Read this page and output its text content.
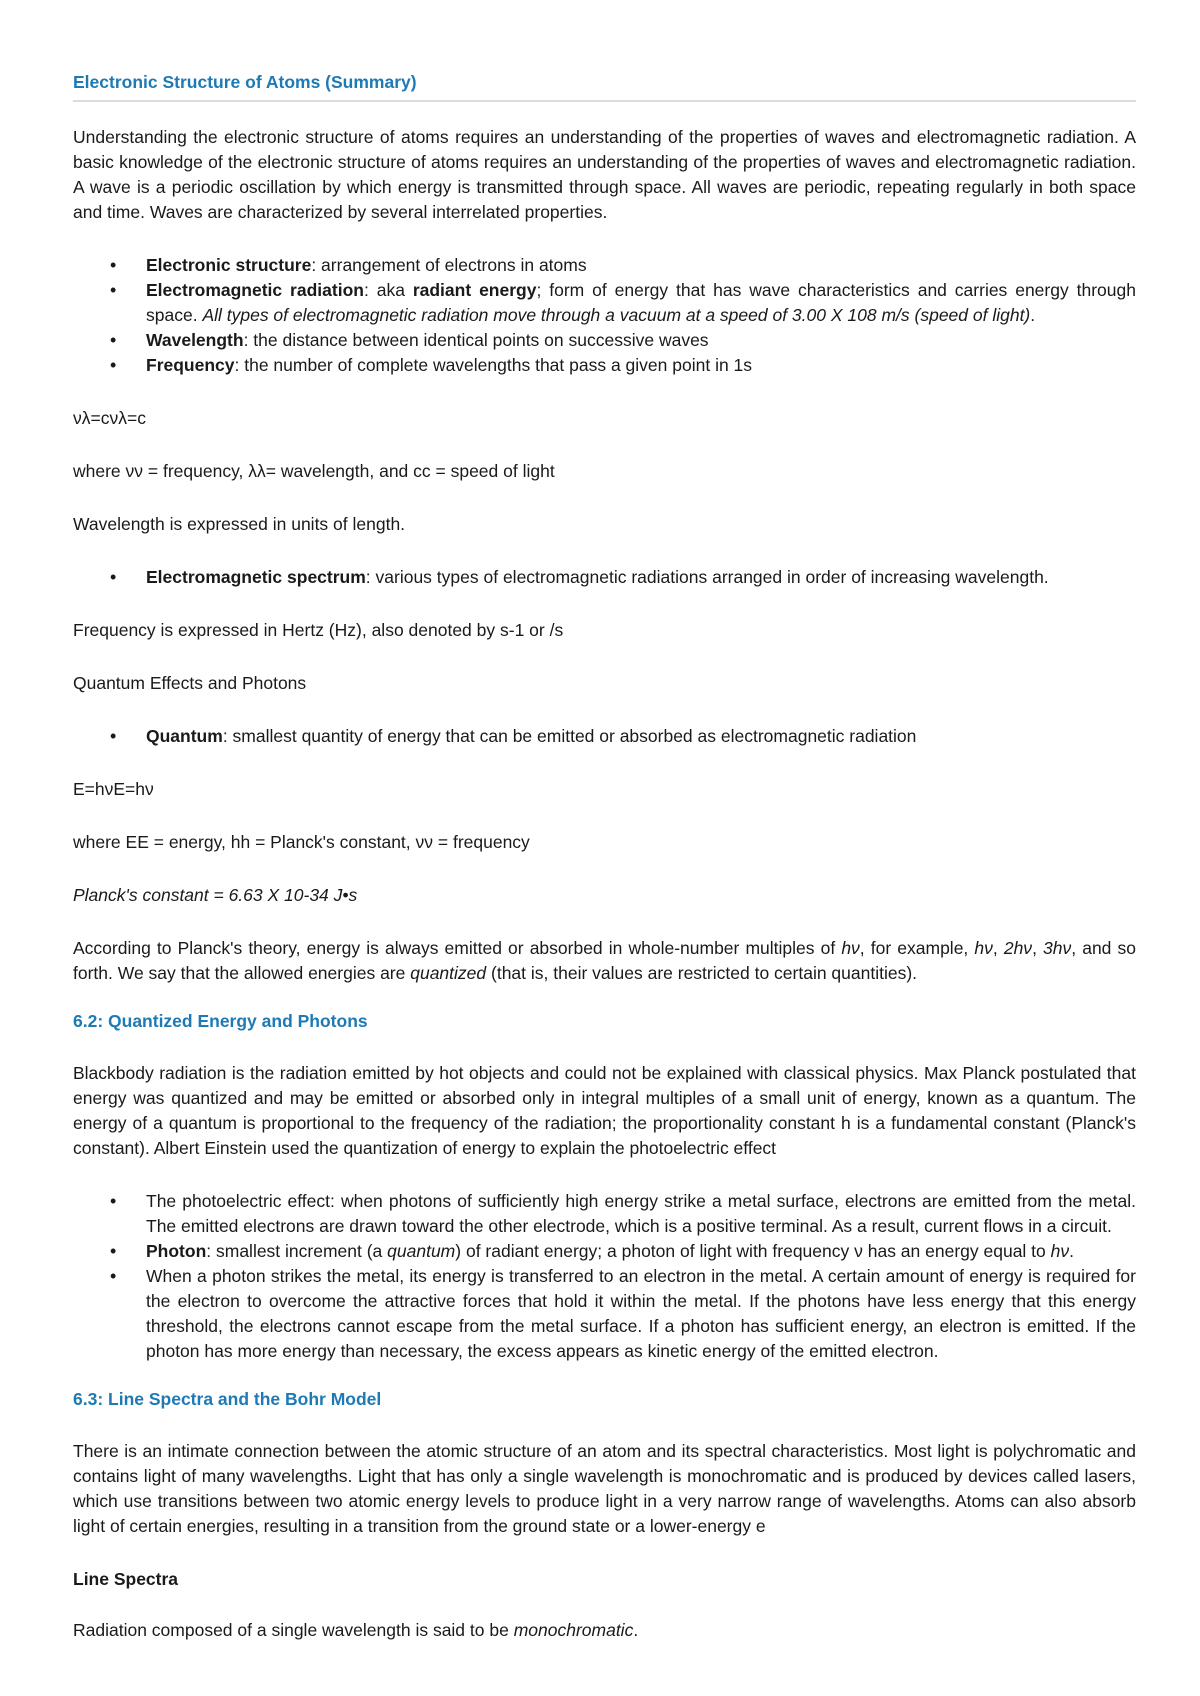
Electronic Structure of Atoms (Summary)

Understanding the electronic structure of atoms requires an understanding of the properties of waves and electromagnetic radiation. A basic knowledge of the electronic structure of atoms requires an understanding of the properties of waves and electromagnetic radiation. A wave is a periodic oscillation by which energy is transmitted through space. All waves are periodic, repeating regularly in both space and time. Waves are characterized by several interrelated properties.

• Electronic structure: arrangement of electrons in atoms
• Electromagnetic radiation: aka radiant energy; form of energy that has wave characteristics and carries energy through space. All types of electromagnetic radiation move through a vacuum at a speed of 3.00 X 108 m/s (speed of light).
• Wavelength: the distance between identical points on successive waves
• Frequency: the number of complete wavelengths that pass a given point in 1s

νλ=cνλ=c

where νν = frequency, λλ= wavelength, and cc = speed of light

Wavelength is expressed in units of length.

• Electromagnetic spectrum: various types of electromagnetic radiations arranged in order of increasing wavelength.

Frequency is expressed in Hertz (Hz), also denoted by s-1 or /s

Quantum Effects and Photons

• Quantum: smallest quantity of energy that can be emitted or absorbed as electromagnetic radiation

E=hνE=hν

where EE = energy, hh = Planck's constant, νν = frequency

Planck's constant = 6.63 X 10-34 J•s

According to Planck's theory, energy is always emitted or absorbed in whole-number multiples of hν, for example, hν, 2hν, 3hν, and so forth. We say that the allowed energies are quantized (that is, their values are restricted to certain quantities).

6.2: Quantized Energy and Photons

Blackbody radiation is the radiation emitted by hot objects and could not be explained with classical physics. Max Planck postulated that energy was quantized and may be emitted or absorbed only in integral multiples of a small unit of energy, known as a quantum. The energy of a quantum is proportional to the frequency of the radiation; the proportionality constant h is a fundamental constant (Planck's constant). Albert Einstein used the quantization of energy to explain the photoelectric effect

• The photoelectric effect: when photons of sufficiently high energy strike a metal surface, electrons are emitted from the metal. The emitted electrons are drawn toward the other electrode, which is a positive terminal. As a result, current flows in a circuit.
• Photon: smallest increment (a quantum) of radiant energy; a photon of light with frequency ν has an energy equal to hν.
• When a photon strikes the metal, its energy is transferred to an electron in the metal. A certain amount of energy is required for the electron to overcome the attractive forces that hold it within the metal. If the photons have less energy that this energy threshold, the electrons cannot escape from the metal surface. If a photon has sufficient energy, an electron is emitted. If the photon has more energy than necessary, the excess appears as kinetic energy of the emitted electron.
6.3: Line Spectra and the Bohr Model

There is an intimate connection between the atomic structure of an atom and its spectral characteristics. Most light is polychromatic and contains light of many wavelengths. Light that has only a single wavelength is monochromatic and is produced by devices called lasers, which use transitions between two atomic energy levels to produce light in a very narrow range of wavelengths. Atoms can also absorb light of certain energies, resulting in a transition from the ground state or a lower-energy e

Line Spectra

Radiation composed of a single wavelength is said to be monochromatic.
